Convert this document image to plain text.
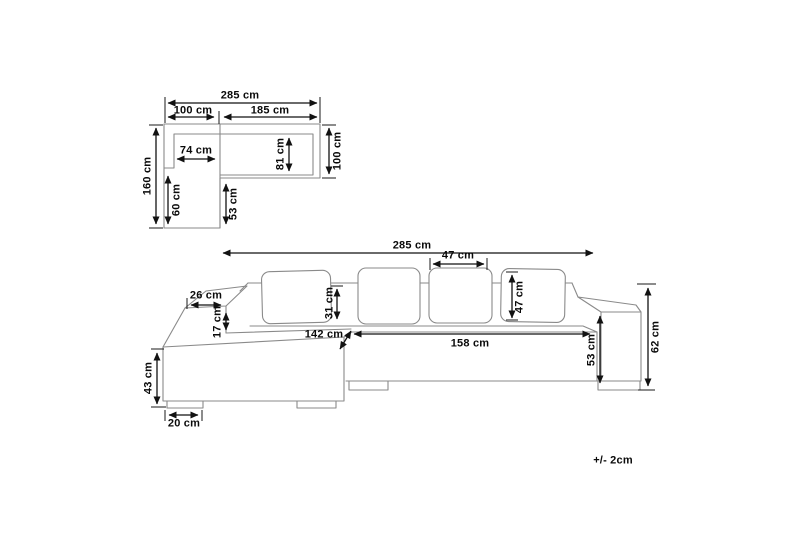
285 cm
100 cm	185 cm
74 cm
160 cm
100 cm
81 cm
60 cm	53 cm
285 cm
47 cm
47 cm
31 cm
26 cm
17 cm
43 cm
20 cm
142 cm
158 cm	53 cm	62 cm
+/- 2cm
